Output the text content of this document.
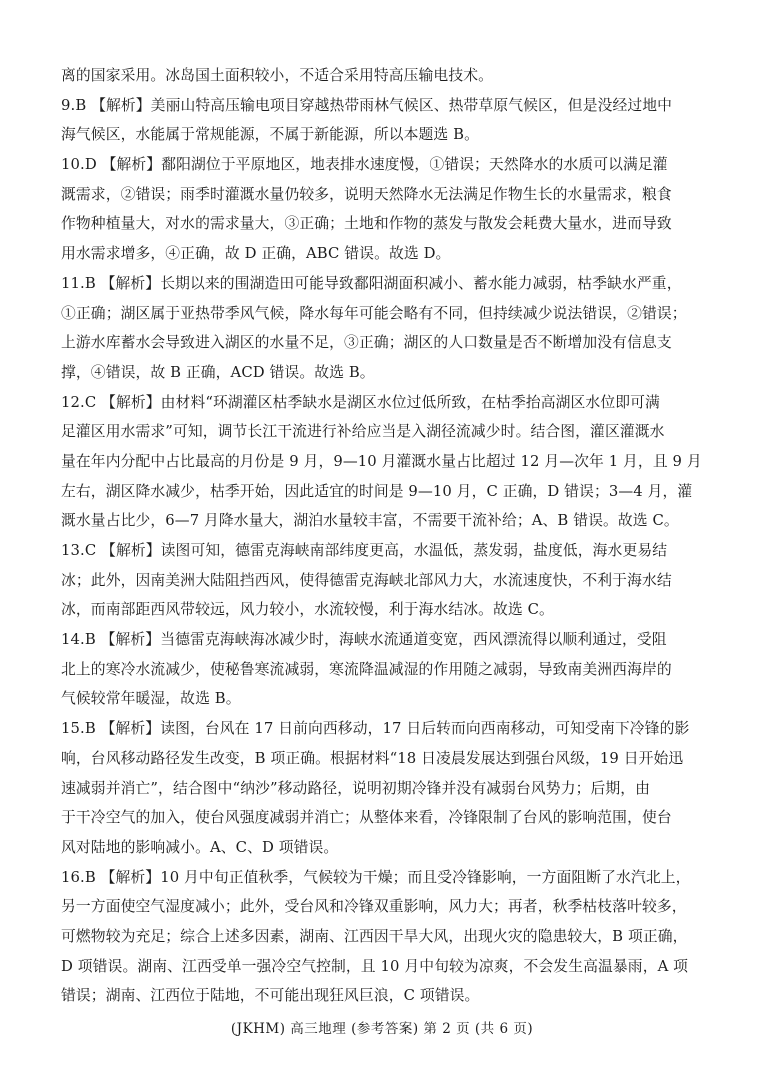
离的国家采用。冰岛国土面积较小，不适合采用特高压输电技术。
9.B 【解析】美丽山特高压输电项目穿越热带雨林气候区、热带草原气候区，但是没经过地中
海气候区，水能属于常规能源，不属于新能源，所以本题选 B。
10.D 【解析】鄱阳湖位于平原地区，地表排水速度慢，①错误；天然降水的水质可以满足灌
溉需求，②错误；雨季时灌溉水量仍较多，说明天然降水无法满足作物生长的水量需求，粮食
作物种植量大，对水的需求量大，③正确；土地和作物的蒸发与散发会耗费大量水，进而导致
用水需求增多，④正确，故 D 正确，ABC 错误。故选 D。
11.B 【解析】长期以来的围湖造田可能导致鄱阳湖面积减小、蓄水能力减弱，枯季缺水严重，
①正确；湖区属于亚热带季风气候，降水每年可能会略有不同，但持续减少说法错误，②错误；
上游水库蓄水会导致进入湖区的水量不足，③正确；湖区的人口数量是否不断增加没有信息支
撑，④错误，故 B 正确，ACD 错误。故选 B。
12.C 【解析】由材料“环湖灌区枯季缺水是湖区水位过低所致，在枯季抬高湖区水位即可满
足灌区用水需求”可知，调节长江干流进行补给应当是入湖径流减少时。结合图，灌区灌溉水
量在年内分配中占比最高的月份是 9 月，9—10 月灌溉水量占比超过 12 月—次年 1 月，且 9 月
左右，湖区降水减少，枯季开始，因此适宜的时间是 9—10 月，C 正确，D 错误；3—4 月，灌
溉水量占比少，6—7 月降水量大，湖泊水量较丰富，不需要干流补给；A、B 错误。故选 C。
13.C 【解析】读图可知，德雷克海峡南部纬度更高，水温低，蒸发弱，盐度低，海水更易结
冰；此外，因南美洲大陆阻挡西风，使得德雷克海峡北部风力大，水流速度快，不利于海水结
冰，而南部距西风带较远，风力较小，水流较慢，利于海水结冰。故选 C。
14.B 【解析】当德雷克海峡海冰减少时，海峡水流通道变宽，西风漂流得以顺利通过，受阻
北上的寒冷水流减少，使秘鲁寒流减弱，寒流降温减湿的作用随之减弱，导致南美洲西海岸的
气候较常年暖湿，故选 B。
15.B 【解析】读图，台风在 17 日前向西移动，17 日后转而向西南移动，可知受南下冷锋的影
响，台风移动路径发生改变，B 项正确。根据材料“18 日凌晨发展达到强台风级，19 日开始迅
速减弱并消亡”，结合图中“纳沙”移动路径，说明初期冷锋并没有减弱台风势力；后期，由
于干冷空气的加入，使台风强度减弱并消亡；从整体来看，冷锋限制了台风的影响范围，使台
风对陆地的影响减小。A、C、D 项错误。
16.B 【解析】10 月中旬正值秋季，气候较为干燥；而且受冷锋影响，一方面阻断了水汽北上，
另一方面使空气湿度减小；此外，受台风和冷锋双重影响，风力大；再者，秋季枯枝落叶较多，
可燃物较为充足；综合上述多因素，湖南、江西因干旱大风，出现火灾的隐患较大，B 项正确，
D 项错误。湖南、江西受单一强冷空气控制，且 10 月中旬较为凉爽，不会发生高温暴雨，A 项
错误；湖南、江西位于陆地，不可能出现狂风巨浪，C 项错误。
(JKHM) 高三地理 (参考答案) 第 2 页 (共 6 页)
